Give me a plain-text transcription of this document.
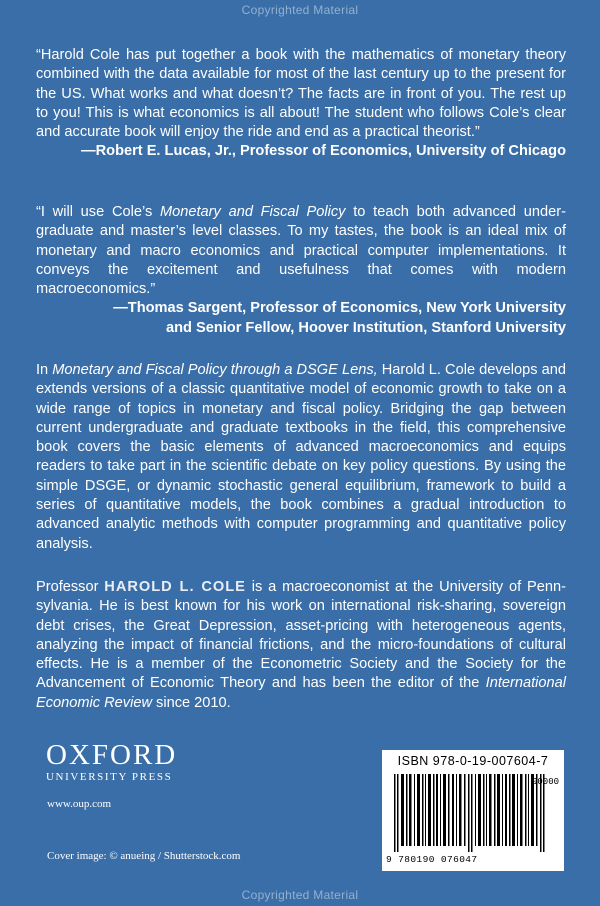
Copyrighted Material

“Harold Cole has put together a book with the mathematics of monetary theory combined with the data available for most of the last century up to the present for the US. What works and what doesn’t? The facts are in front of you. The rest up to you! This is what economics is all about! The student who follows Cole’s clear and accurate book will enjoy the ride and end as a practical theorist.”

—Robert E. Lucas, Jr., Professor of Economics, University of Chicago

“I will use Cole’s Monetary and Fiscal Policy to teach both advanced undergraduate and master’s level classes. To my tastes, the book is an ideal mix of monetary and macro economics and practical computer implementations. It conveys the excitement and usefulness that comes with modern macroeconomics.”

—Thomas Sargent, Professor of Economics, New York University
and Senior Fellow, Hoover Institution, Stanford University

In Monetary and Fiscal Policy through a DSGE Lens, Harold L. Cole develops and extends versions of a classic quantitative model of economic growth to take on a wide range of topics in monetary and fiscal policy. Bridging the gap between current undergraduate and graduate textbooks in the field, this comprehensive book covers the basic elements of advanced macroeconomics and equips readers to take part in the scientific debate on key policy questions. By using the simple DSGE, or dynamic stochastic general equilibrium, framework to build a series of quantitative models, the book combines a gradual introduction to advanced analytic methods with computer programming and quantitative policy analysis.

Professor HAROLD L. COLE is a macroeconomist at the University of Pennsylvania. He is best known for his work on international risk-sharing, sovereign debt crises, the Great Depression, asset-pricing with heterogeneous agents, analyzing the impact of financial frictions, and the micro-foundations of cultural effects. He is a member of the Econometric Society and the Society for the Advancement of Economic Theory and has been the editor of the International Economic Review since 2010.

OXFORD
UNIVERSITY PRESS
www.oup.com
ISBN 978-0-19-007604-7
90000
9 780190 076047
Cover image: © anueing / Shutterstock.com
Copyrighted Material
